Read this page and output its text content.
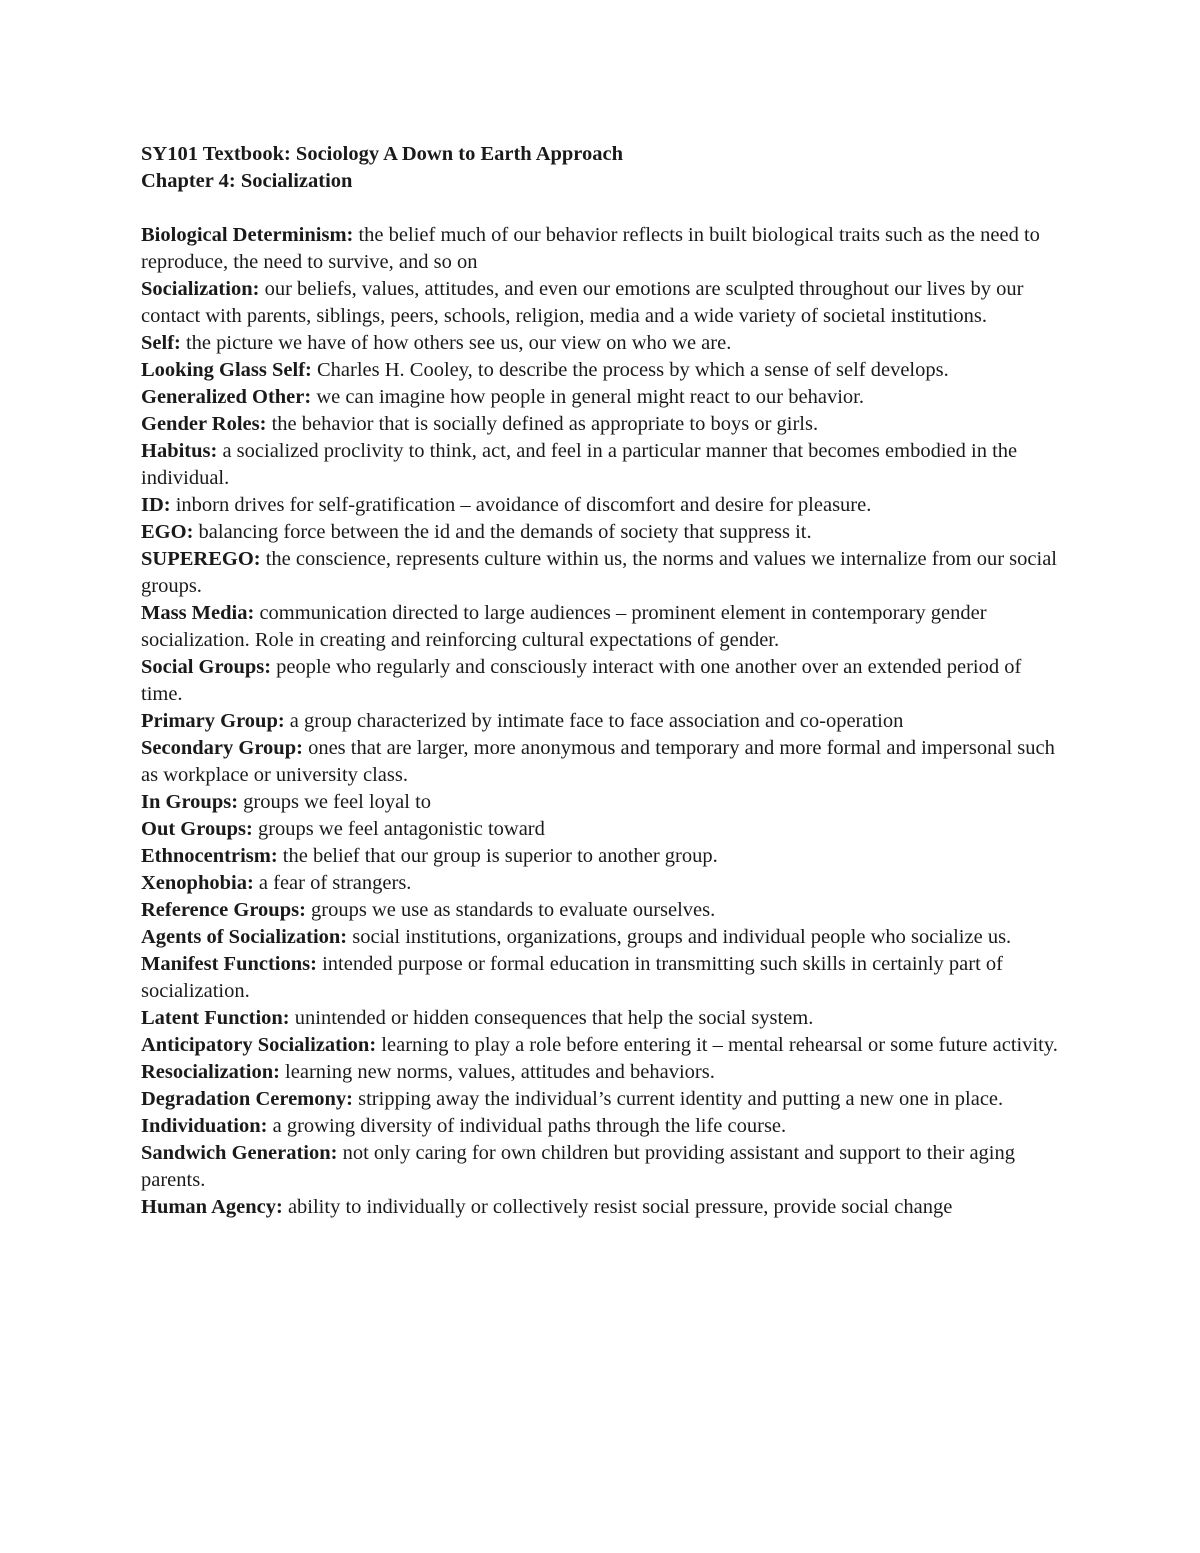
SY101 Textbook: Sociology A Down to Earth Approach

Chapter 4: Socialization

Biological Determinism: the belief much of our behavior reflects in built biological traits such as the need to reproduce, the need to survive, and so on

Socialization: our beliefs, values, attitudes, and even our emotions are sculpted throughout our lives by our contact with parents, siblings, peers, schools, religion, media and a wide variety of societal institutions.

Self: the picture we have of how others see us, our view on who we are.

Looking Glass Self: Charles H. Cooley, to describe the process by which a sense of self develops.

Generalized Other: we can imagine how people in general might react to our behavior.

Gender Roles: the behavior that is socially defined as appropriate to boys or girls.

Habitus: a socialized proclivity to think, act, and feel in a particular manner that becomes embodied in the individual.

ID: inborn drives for self-gratification – avoidance of discomfort and desire for pleasure.

EGO: balancing force between the id and the demands of society that suppress it.

SUPEREGO: the conscience, represents culture within us, the norms and values we internalize from our social groups.

Mass Media: communication directed to large audiences – prominent element in contemporary gender socialization. Role in creating and reinforcing cultural expectations of gender.

Social Groups: people who regularly and consciously interact with one another over an extended period of time.

Primary Group: a group characterized by intimate face to face association and co-operation

Secondary Group: ones that are larger, more anonymous and temporary and more formal and impersonal such as workplace or university class.

In Groups: groups we feel loyal to

Out Groups: groups we feel antagonistic toward

Ethnocentrism: the belief that our group is superior to another group.

Xenophobia: a fear of strangers.

Reference Groups: groups we use as standards to evaluate ourselves.

Agents of Socialization: social institutions, organizations, groups and individual people who socialize us.

Manifest Functions: intended purpose or formal education in transmitting such skills in certainly part of socialization.

Latent Function: unintended or hidden consequences that help the social system.

Anticipatory Socialization: learning to play a role before entering it – mental rehearsal or some future activity.

Resocialization: learning new norms, values, attitudes and behaviors.

Degradation Ceremony: stripping away the individual’s current identity and putting a new one in place.

Individuation: a growing diversity of individual paths through the life course.

Sandwich Generation: not only caring for own children but providing assistant and support to their aging parents.

Human Agency: ability to individually or collectively resist social pressure, provide social change
